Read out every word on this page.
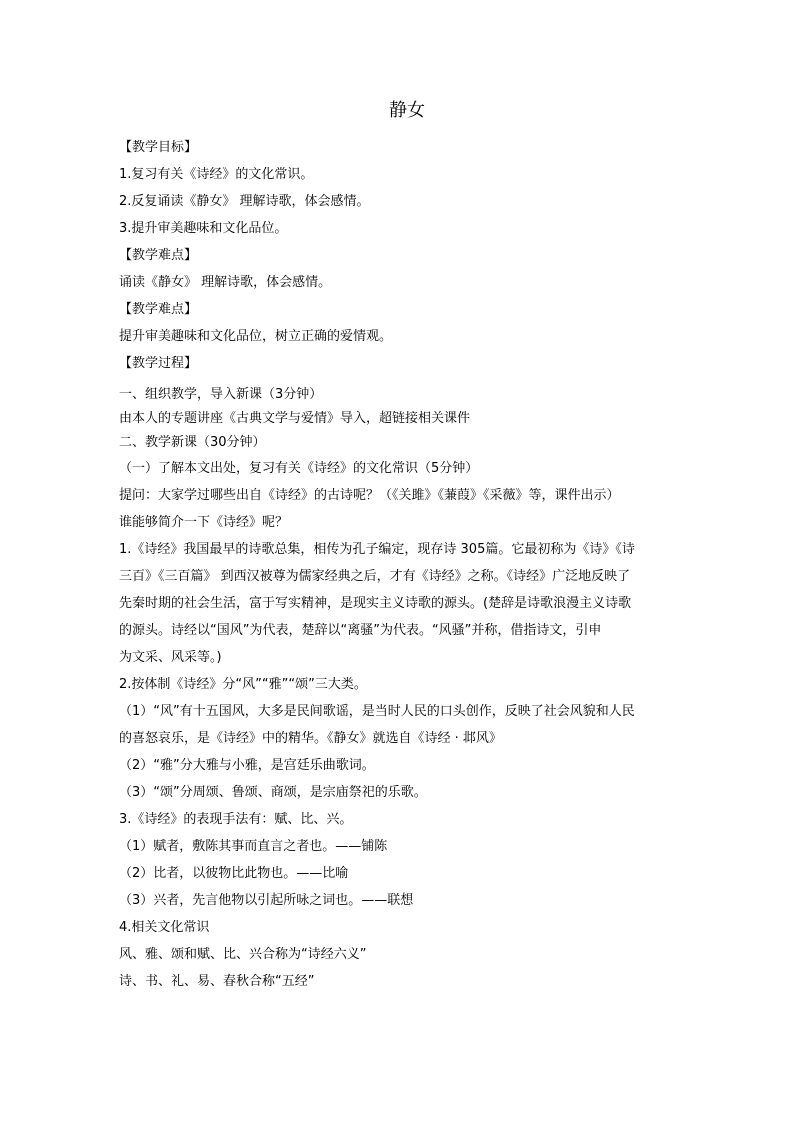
静女

【教学目标】

1.复习有关《诗经》的文化常识。

2.反复诵读《静女》 理解诗歌，体会感情。

3.提升审美趣味和文化品位。

【教学难点】

诵读《静女》 理解诗歌，体会感情。

【教学难点】

提升审美趣味和文化品位，树立正确的爱情观。

【教学过程】

一、组织教学，导入新课（3分钟）

由本人的专题讲座《古典文学与爱情》导入，超链接相关课件

二、教学新课（30分钟）

（一）了解本文出处，复习有关《诗经》的文化常识（5分钟）

提问：大家学过哪些出自《诗经》的古诗呢？（《关雎》《蒹葭》《采薇》等，课件出示）

谁能够简介一下《诗经》呢？

1.《诗经》我国最早的诗歌总集，相传为孔子编定，现存诗 305篇。它最初称为《诗》《诗

三百》《三百篇》 到西汉被尊为儒家经典之后，才有《诗经》之称。《诗经》广泛地反映了

先秦时期的社会生活，富于写实精神，是现实主义诗歌的源头。(楚辞是诗歌浪漫主义诗歌

的源头。诗经以“国风”为代表，楚辞以“离骚”为代表。“风骚”并称，借指诗文，引申

为文采、风采等。)

2.按体制《诗经》分“风”“雅”“颂”三大类。

（1）“风”有十五国风，大多是民间歌谣，是当时人民的口头创作，反映了社会风貌和人民

的喜怒哀乐，是《诗经》中的精华。《静女》就选自《诗经 · 邶风》

（2）“雅”分大雅与小雅，是宫廷乐曲歌词。

（3）“颂”分周颂、鲁颂、商颂，是宗庙祭祀的乐歌。

3.《诗经》的表现手法有：赋、比、兴。

（1）赋者，敷陈其事而直言之者也。——铺陈

（2）比者，以彼物比此物也。——比喻

（3）兴者，先言他物以引起所咏之词也。——联想

4.相关文化常识

风、雅、颂和赋、比、兴合称为“诗经六义”

诗、书、礼、易、春秋合称“五经”
